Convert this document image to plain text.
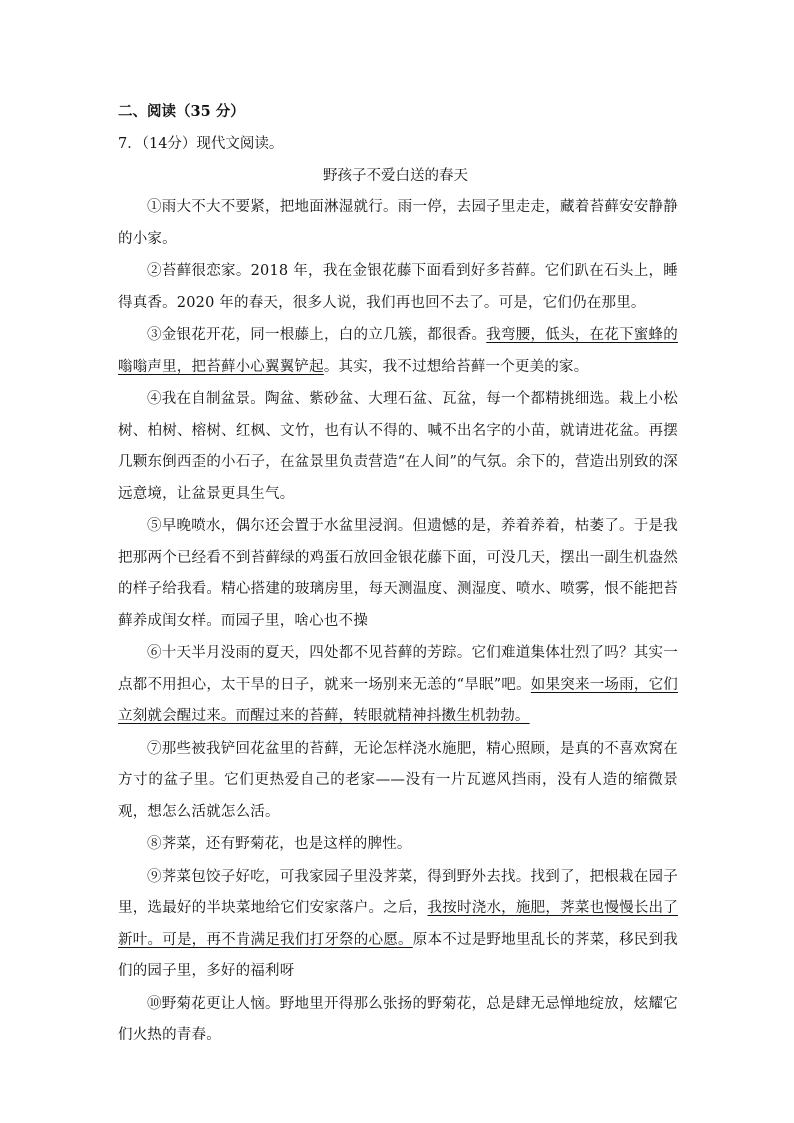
二、阅读（35 分）
7．（14分）现代文阅读。
野孩子不爱白送的春天

①雨大不大不要紧，把地面淋湿就行。雨一停，去园子里走走，藏着苔藓安安静静的小家。

②苔藓很恋家。2018 年，我在金银花藤下面看到好多苔藓。它们趴在石头上，睡得真香。2020 年的春天，很多人说，我们再也回不去了。可是，它们仍在那里。

③金银花开花，同一根藤上，白的立几簇，都很香。我弯腰，低头，在花下蜜蜂的嗡嗡声里，把苔藓小心翼翼铲起。其实，我不过想给苔藓一个更美的家。

④我在自制盆景。陶盆、紫砂盆、大理石盆、瓦盆，每一个都精挑细选。栽上小松树、柏树、榕树、红枫、文竹，也有认不得的、喊不出名字的小苗，就请进花盆。再摆几颗东倒西歪的小石子，在盆景里负责营造“在人间”的气氛。余下的，营造出别致的深远意境，让盆景更具生气。

⑤早晚喷水，偶尔还会置于水盆里浸润。但遗憾的是，养着养着，枯萎了。于是我把那两个已经看不到苔藓绿的鸡蛋石放回金银花藤下面，可没几天，摆出一副生机盎然的样子给我看。精心搭建的玻璃房里，每天测温度、测湿度、喷水、喷雾，恨不能把苔藓养成闺女样。而园子里，啥心也不操

⑥十天半月没雨的夏天，四处都不见苔藓的芳踪。它们难道集体壮烈了吗？其实一点都不用担心，太干旱的日子，就来一场别来无恙的“旱眠”吧。如果突来一场雨，它们立刻就会醒过来。而醒过来的苔藓，转眼就精神抖擞生机勃勃。

⑦那些被我铲回花盆里的苔藓，无论怎样浇水施肥，精心照顾，是真的不喜欢窝在方寸的盆子里。它们更热爱自己的老家——没有一片瓦遮风挡雨，没有人造的缩微景观，想怎么活就怎么活。

⑧荠菜，还有野菊花，也是这样的脾性。

⑨荠菜包饺子好吃，可我家园子里没荠菜，得到野外去找。找到了，把根栽在园子里，选最好的半块菜地给它们安家落户。之后，我按时浇水，施肥，荠菜也慢慢长出了新叶。可是，再不肯满足我们打牙祭的心愿。原本不过是野地里乱长的荠菜，移民到我们的园子里，多好的福利呀

⑩野菊花更让人恼。野地里开得那么张扬的野菊花，总是肆无忌惮地绽放，炫耀它们火热的青春。
